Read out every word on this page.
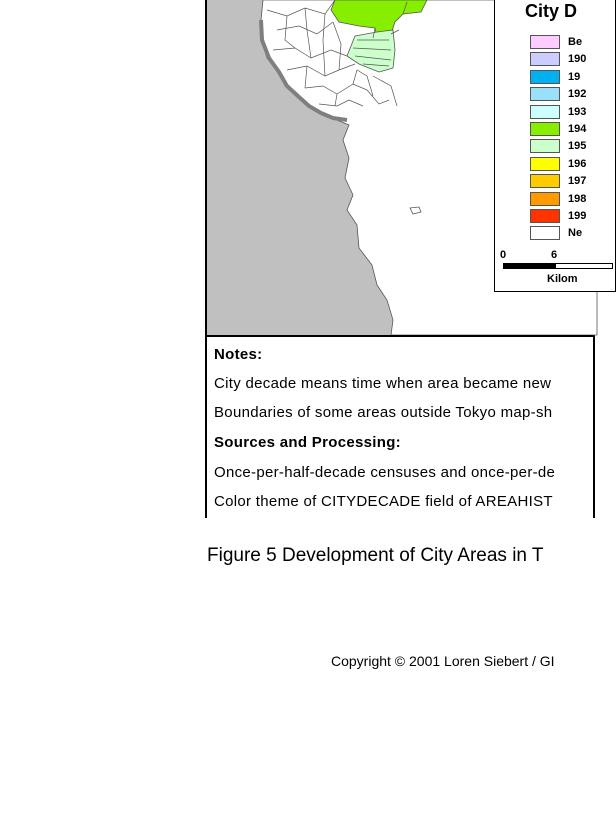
City D
Be
190
19
192
193
194
195
196
197
198
199
Ne
0	6
Kilom
Notes:
City decade means time when area became new
Boundaries of some areas outside Tokyo map-sh
Sources and Processing:
Once-per-half-decade censuses and once-per-de
Color theme of CITYDECADE field of AREAHIST
Figure 5 Development of City Areas in T
Copyright © 2001 Loren Siebert / GI
